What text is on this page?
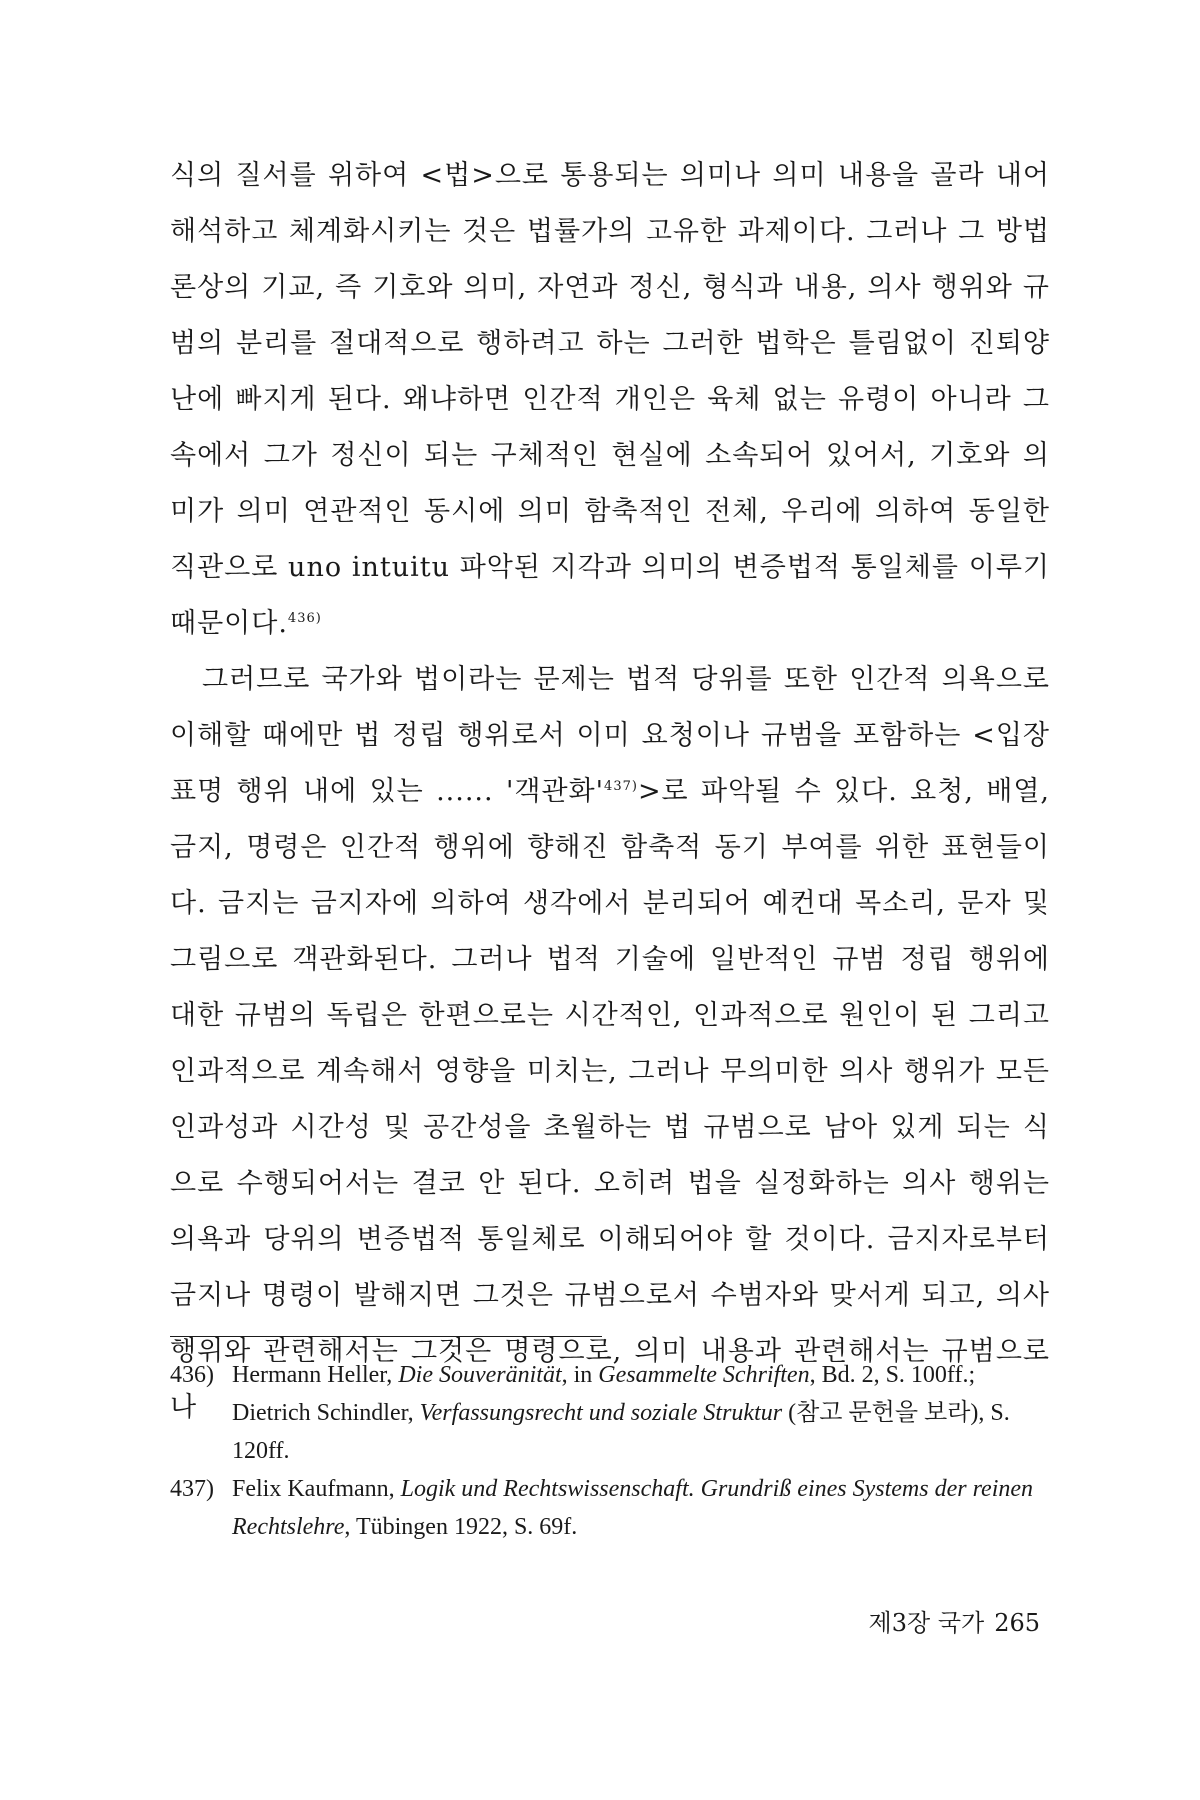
식의 질서를 위하여 <법>으로 통용되는 의미나 의미 내용을 골라 내어 해석하고 체계화시키는 것은 법률가의 고유한 과제이다. 그러나 그 방법론상의 기교, 즉 기호와 의미, 자연과 정신, 형식과 내용, 의사 행위와 규범의 분리를 절대적으로 행하려고 하는 그러한 법학은 틀림없이 진퇴양난에 빠지게 된다. 왜냐하면 인간적 개인은 육체 없는 유령이 아니라 그 속에서 그가 정신이 되는 구체적인 현실에 소속되어 있어서, 기호와 의미가 의미 연관적인 동시에 의미 함축적인 전체, 우리에 의하여 동일한 직관으로 uno intuitu 파악된 지각과 의미의 변증법적 통일체를 이루기 때문이다.$^{436)}$

그러므로 국가와 법이라는 문제는 법적 당위를 또한 인간적 의욕으로 이해할 때에만 법 정립 행위로서 이미 요청이나 규범을 포함하는 <입장 표명 행위 내에 있는 ...... '객관화'$^{437)}>$로 파악될 수 있다. 요청, 배열, 금지, 명령은 인간적 행위에 향해진 함축적 동기 부여를 위한 표현들이다. 금지는 금지자에 의하여 생각에서 분리되어 예컨대 목소리, 문자 및 그림으로 객관화된다. 그러나 법적 기술에 일반적인 규범 정립 행위에 대한 규범의 독립은 한편으로는 시간적인, 인과적으로 원인이 된 그리고 인과적으로 계속해서 영향을 미치는, 그러나 무의미한 의사 행위가 모든 인과성과 시간성 및 공간성을 초월하는 법 규범으로 남아 있게 되는 식으로 수행되어서는 결코 안 된다. 오히려 법을 실정화하는 의사 행위는 의욕과 당위의 변증법적 통일체로 이해되어야 할 것이다. 금지자로부터 금지나 명령이 발해지면 그것은 규범으로서 수범자와 맞서게 되고, 의사 행위와 관련해서는 그것은 명령으로, 의미 내용과 관련해서는 규범으로 나

436) Hermann Heller, Die Souveränität, in Gesammelte Schriften, Bd. 2, S. 100ff.; Dietrich Schindler, Verfassungsrecht und soziale Struktur (참고 문헌을 보라), S. 120ff.
437) Felix Kaufmann, Logik und Rechtswissenschaft. Grundriß eines Systems der reinen Rechtslehre, Tübingen 1922, S. 69f.
제3장 국가 265
